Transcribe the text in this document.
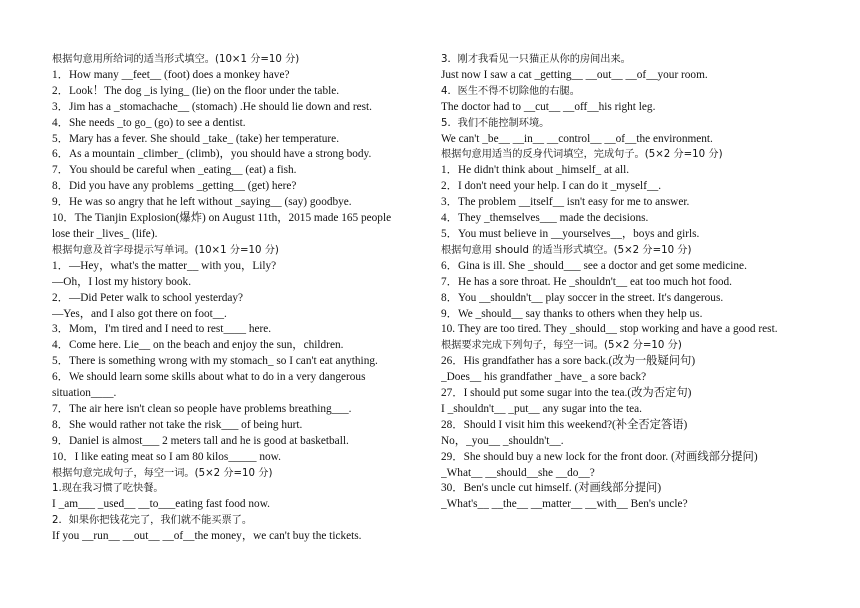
根据句意用所给词的适当形式填空。(10×1 分=10 分)
1．How many __feet__ (foot) does a monkey have?
2．Look！The dog _is lying_ (lie) on the floor under the table.
3．Jim has a _stomachache__ (stomach) .He should lie down and rest.
4．She needs _to go_ (go) to see a dentist.
5．Mary has a fever. She should _take_ (take) her temperature.
6．As a mountain _climber_ (climb)，you should have a strong body.
7．You should be careful when _eating__ (eat) a fish.
8．Did you have any problems _getting__ (get) here?
9．He was so angry that he left without _saying__ (say) goodbye.
10．The Tianjin Explosion(爆炸) on August 11th，2015 made 165 people
lose their _lives_ (life).
根据句意及首字母提示写单词。(10×1 分=10 分)
1．—Hey，what's the matter__ with you，Lily?
—Oh，I lost my history book.
2．—Did Peter walk to school yesterday?
—Yes，and I also got there on foot__.
3．Mom，I'm tired and I need to rest____ here.
4．Come here. Lie__ on the beach and enjoy the sun，children.
5．There is something wrong with my stomach_ so I can't eat anything.
6．We should learn some skills about what to do in a very dangerous
situation____.
7．The air here isn't clean so people have problems breathing___.
8．She would rather not take the risk___ of being hurt.
9．Daniel is almost___ 2 meters tall and he is good at basketball.
10．I like eating meat so I am 80 kilos_____ now.
根据句意完成句子，每空一词。(5×2 分=10 分)
1.现在我习惯了吃快餐。
I _am___ _used__ __to___eating fast food now.
2．如果你把钱花完了，我们就不能买票了。
If you __run__ __out__ __of__the money，we can't buy the tickets.
3．刚才我看见一只猫正从你的房间出来。
Just now I saw a cat _getting__ __out__ __of__your room.
4．医生不得不切除他的右腿。
The doctor had to __cut__ __off__his right leg.
5．我们不能控制环境。
We can't _be__ __in__ __control__ __of__the environment.
根据句意用适当的反身代词填空，完成句子。(5×2 分=10 分)
1．He didn't think about _himself_ at all.
2．I don't need your help. I can do it _myself__.
3．The problem __itself__ isn't easy for me to answer.
4．They _themselves___ made the decisions.
5．You must believe in __yourselves__，boys and girls.
根据句意用 should 的适当形式填空。(5×2 分=10 分)
6．Gina is ill. She _should___ see a doctor and get some medicine.
7．He has a sore throat. He _shouldn't__ eat too much hot food.
8．You __shouldn't__ play soccer in the street. It's dangerous.
9．We _should__ say thanks to others when they help us.
10. They are too tired. They _should__ stop working and have a good rest.
根据要求完成下列句子，每空一词。(5×2 分=10 分)
26．His grandfather has a sore back.(改为一般疑问句)
_Does__ his grandfather _have_ a sore back?
27．I should put some sugar into the tea.(改为否定句)
I _shouldn't__ _put__ any sugar into the tea.
28．Should I visit him this weekend?(补全否定答语)
No，_you__ _shouldn't__.
29．She should buy a new lock for the front door. (对画线部分提问)
_What__ __should__she __do__?
30．Ben's uncle cut himself. (对画线部分提问)
_What's__ __the__ __matter__ __with__ Ben's uncle?
